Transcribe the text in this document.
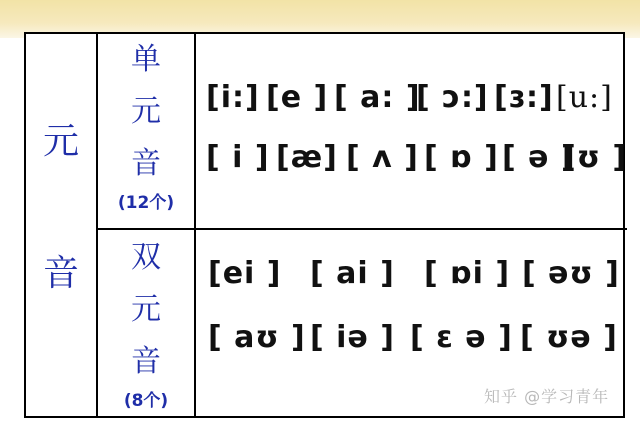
元
音
单
元
音
(12个)
双
元
音
(8个)
[i:] [e ] [ a: ]
[ ɔ:] [ɜ:] [u:]
[ i ] [æ] [ ʌ ] [ ɒ ] [ ə ]
[ʊ ]
[ei ] [ ai ] [ ɒi ] [ əʊ ]
[ aʊ ] [ iə ] [ ɛ ə ] [ ʊə ]
知乎 @学习青年
